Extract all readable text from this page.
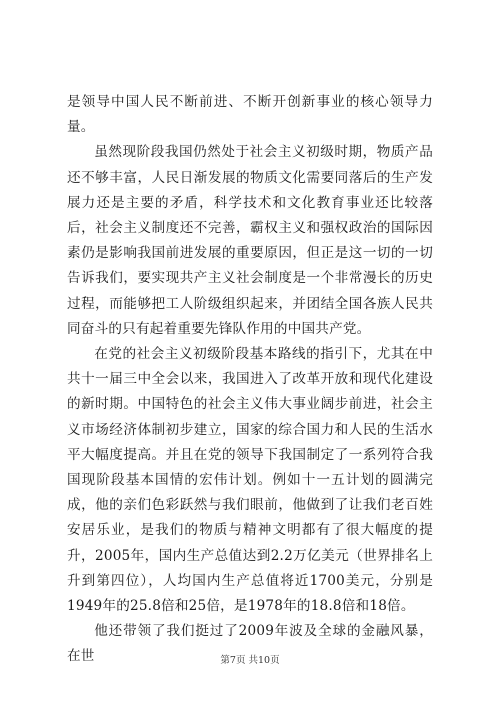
是领导中国人民不断前进、不断开创新事业的核心领导力量。

虽然现阶段我国仍然处于社会主义初级时期，物质产品还不够丰富，人民日渐发展的物质文化需要同落后的生产发展力还是主要的矛盾，科学技术和文化教育事业还比较落后，社会主义制度还不完善，霸权主义和强权政治的国际因素仍是影响我国前进发展的重要原因，但正是这一切的一切告诉我们，要实现共产主义社会制度是一个非常漫长的历史过程，而能够把工人阶级组织起来，并团结全国各族人民共同奋斗的只有起着重要先锋队作用的中国共产党。

在党的社会主义初级阶段基本路线的指引下，尤其在中共十一届三中全会以来，我国进入了改革开放和现代化建设的新时期。中国特色的社会主义伟大事业阔步前进，社会主义市场经济体制初步建立，国家的综合国力和人民的生活水平大幅度提高。并且在党的领导下我国制定了一系列符合我国现阶段基本国情的宏伟计划。例如十一五计划的圆满完成，他的亲们色彩跃然与我们眼前，他做到了让我们老百姓安居乐业，是我们的物质与精神文明都有了很大幅度的提升，2005年，国内生产总值达到2.2万亿美元（世界排名上升到第四位），人均国内生产总值将近1700美元，分别是1949年的25.8倍和25倍，是1978年的18.8倍和18倍。

他还带领了我们挺过了2009年波及全球的金融风暴，在世	第7页 共10页
